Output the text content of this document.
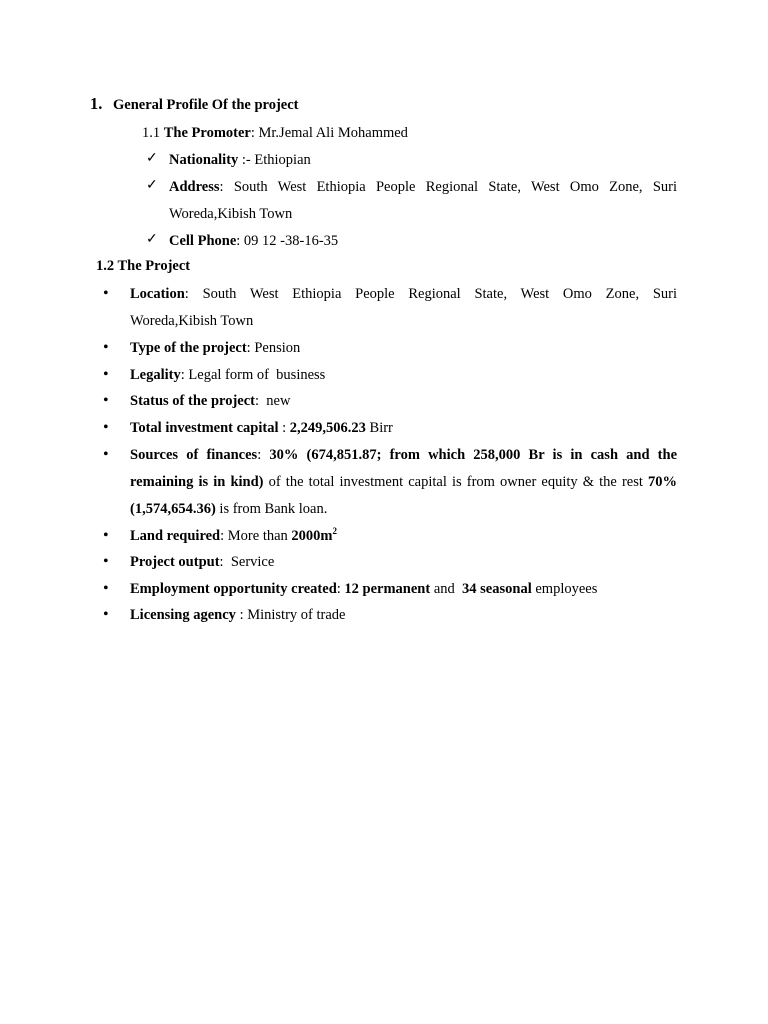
1. General Profile Of the project
1.1 The Promoter: Mr.Jemal Ali Mohammed
✓ Nationality :- Ethiopian
✓ Address: South West Ethiopia People Regional State, West Omo Zone, Suri
Woreda,Kibish Town
✓ Cell Phone: 09 12 -38-16-35
1.2 The Project
• Location: South West Ethiopia People Regional State, West Omo Zone, Suri
Woreda,Kibish Town
• Type of the project: Pension
• Legality: Legal form of  business
• Status of the project:  new
• Total investment capital : 2,249,506.23 Birr
• Sources of finances: 30% (674,851.87; from which 258,000 Br is in cash and the
remaining is in kind) of the total investment capital is from owner equity & the rest 70%
(1,574,654.36) is from Bank loan.
• Land required: More than $2000m^2$
• Project output:  Service
• Employment opportunity created: 12 permanent and  34 seasonal employees
• Licensing agency : Ministry of trade
